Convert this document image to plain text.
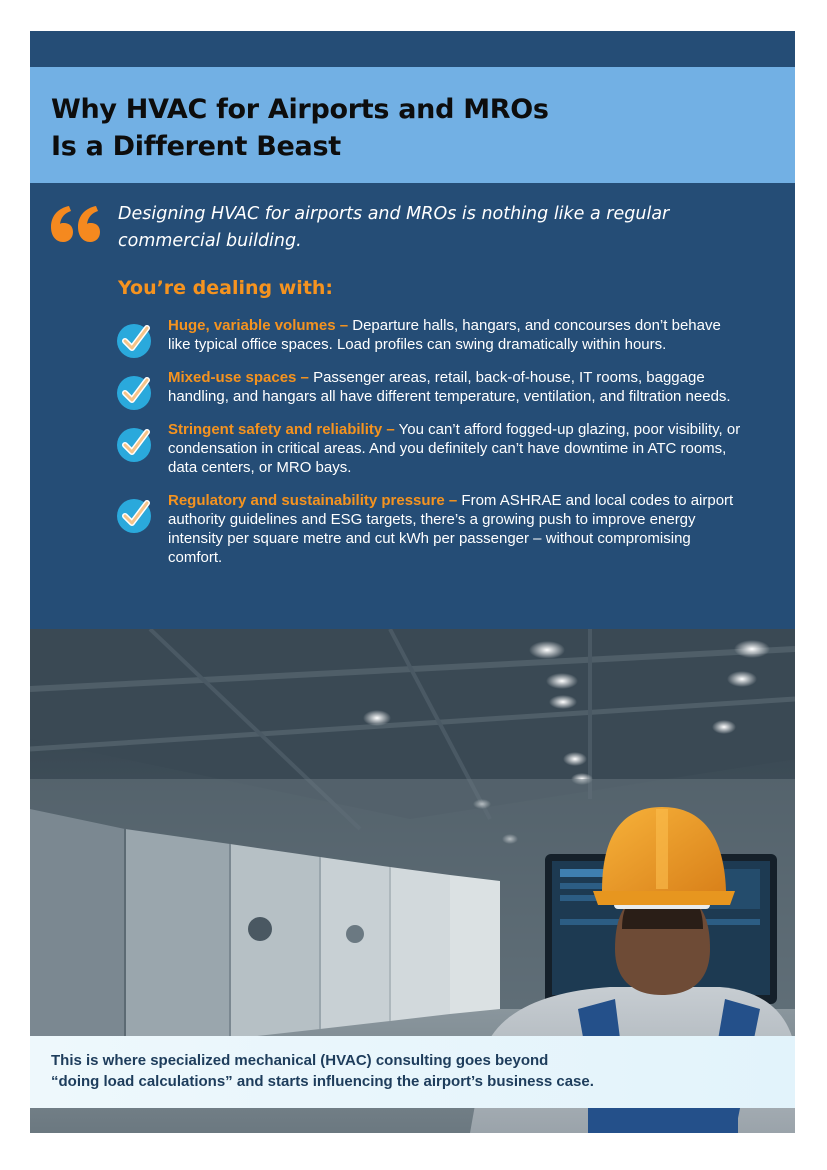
Why HVAC for Airports and MROs
Is a Different Beast
Designing HVAC for airports and MROs is nothing like a regular commercial building.
You’re dealing with:
Huge, variable volumes – Departure halls, hangars, and concourses don’t behave like typical office spaces. Load profiles can swing dramatically within hours.
Mixed-use spaces – Passenger areas, retail, back-of-house, IT rooms, baggage handling, and hangars all have different temperature, ventilation, and filtration needs.
Stringent safety and reliability – You can’t afford fogged-up glazing, poor visibility, or condensation in critical areas. And you definitely can’t have downtime in ATC rooms, data centers, or MRO bays.
Regulatory and sustainability pressure – From ASHRAE and local codes to airport authority guidelines and ESG targets, there’s a growing push to improve energy intensity per square metre and cut kWh per passenger – without compromising comfort.
This is where specialized mechanical (HVAC) consulting goes beyond
“doing load calculations” and starts influencing the airport’s business case.
